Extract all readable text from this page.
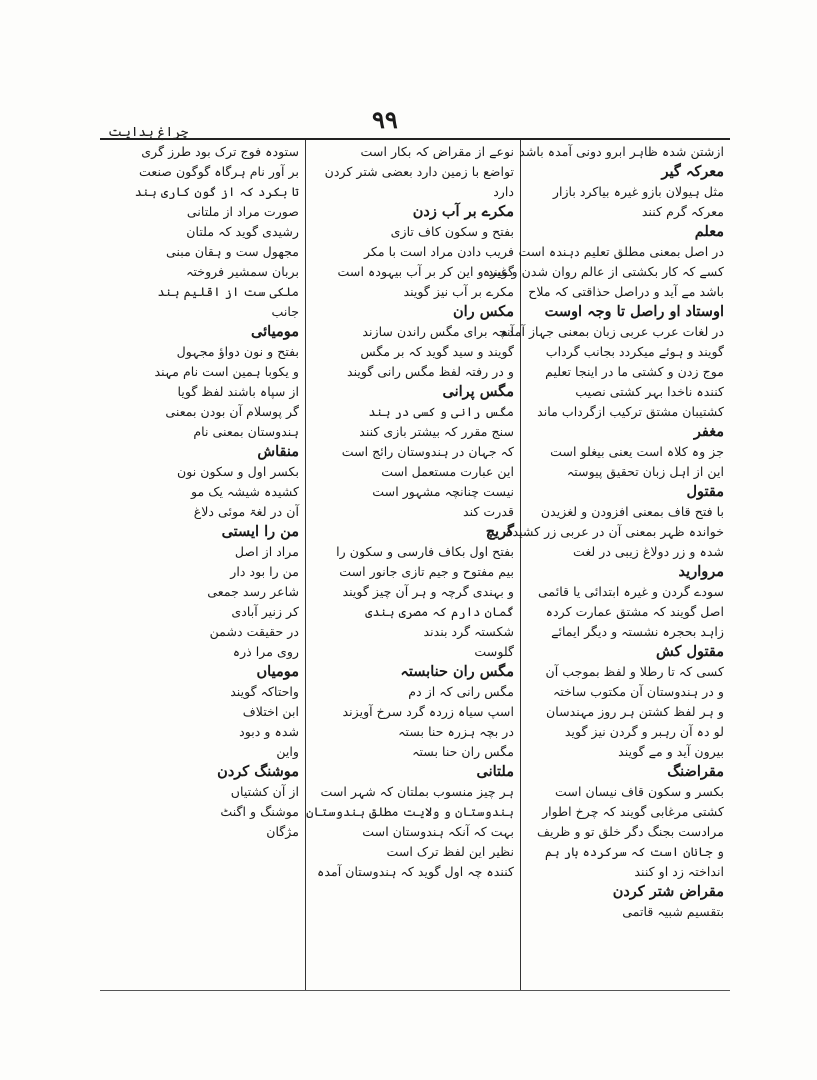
چراغ ہدایت	۹۹
ازشتن شدہ ظاہر ابرو دونی آمدہ باشد
معرکہ گیر
مثل ہیولان بازو غیرہ بیاکرد بازار
معرکہ گرم کنند
معلم
در اصل بمعنی مطلق تعلیم دہندہ است
کسے کہ کار بکشتی از عالم روان شدن و غیرہ
باشد مے آید و دراصل حذاقتی کہ ملاح
اوستاد او راصل تا وجہ اوست
در لغات عرب عربی زبان بمعنی جہاز آمدہ
گویند و ہوئے میکردد بجانب گرداب
موج زدن و کشتی ما در اینجا تعلیم
کنندہ ناخدا بہر کشتی نصیب
کشتیبان مشتق ترکیب ازگرداب ماند
مغفر
جز وہ کلاہ است یعنی بیغلو است
این از اہل زبان تحقیق پیوستہ
مقتول
با فتح قاف بمعنی افزودن و لغزیدن
خواندہ ظہر بمعنی آن در عربی زر کشیدہ
شدہ و زر دولاغ زیبی در لغت
مروارید
سودے گردن و غیرہ ابتدائی یا قائمی
اصل گویند کہ مشتق عمارت کردہ
زاہد بحجرہ نشستہ و دیگر ایمائے
مقتول کش
کسی کہ تا رطلا و لفظ بموجب آن
و در ہندوستان آن مکتوب ساختہ
و ہر لفظ کشتن ہر روز مہندسان
لو دہ آن رہبر و گردن نیز گوید
بیرون آید و مے گویند
مقراضنگ
بکسر و سکون قاف نیسان است
کشتی مرغابی گویند کہ چرخ اطوار
مرادست بجنگ دگر خلق تو و ظریف
و جانان است کہ سرکردہ بار ہم
انداختہ زد او کنند
مقراض شتر کردن
بتقسیم شبیہ قاتمی
نوعے از مقراض کہ بکار است
تواضع با زمین دارد بعضی شتر کردن
دارد
مکرے بر آب زدن
بفتح و سکون کاف تازی
فریب دادن مراد است با مکر
گویند و این کر بر آب بیہودہ است
مکرے بر آب نیز گویند
مکس ران
آنچہ برای مگس راندن سازند
گویند و سید گوید کہ بر مگس
و در رفتہ لفظ مگس رانی گویند
مگس پرانی
مگس رانی و کسی در ہند
سنج مقرر کہ بیشتر بازی کنند
کہ جہان در ہندوستان رائج است
این عبارت مستعمل است
نیست چنانچہ مشہور است
قدرت کند
گریچ
بفتح اول بکاف فارسی و سکون را
بیم مفتوح و جیم تازی جانور است
و بہندی گرچہ و ہر آن چیز گویند
گمان دارم کہ مصری ہندی
شکستہ گرد بندند
گلوست
مگس ران حنابستہ
مگس رانی کہ از دم
اسپ سیاہ زردہ گرد سرخ آویزند
در بچہ ہزرہ حنا بستہ
مگس ران حنا بستہ
ملتانی
ہر چیز منسوب بملتان کہ شہر است
ہندوستان و ولایت مطلق ہندوستان
بہت کہ آنکہ ہندوستان است
نظیر این لفظ ترک است
کنندہ چہ اول گوید کہ ہندوستان آمدہ
ستودہ فوج ترک بود طرز گری
بر آور نام ہرگاہ گوگون صنعت
تا بکرد کہ از گون کاری ہند
صورت مراد از ملتانی
رشیدی گوید کہ ملتان
مجھول ست و ہقان مبنی
بربان سمشیر فروختہ
ملکی ست از اقلیم ہند
جانب
مومیائی
بفتح و نون دواؤ مجہول
و یکوبا ہمین است نام مہند
از سپاہ باشند لفظ گویا
گر پوسلام آن بودن بمعنی
ہندوستان بمعنی نام
منقاش
بکسر اول و سکون نون
کشیدہ شیشہ یک مو
آن در لغۃ موئی دلاغ
من را ایستی
مراد از اصل
من را بود دار
شاعر رسد جمعی
کر زنیر آبادی
در حقیقت دشمن
روی مرا ذرہ
مومیاں
واحتاکہ گویند
ابن اختلاف
شدہ و دبود
واین
موشنگ کردن
از آن کشتیاں
موشنگ و اگنٹ
مژگان
